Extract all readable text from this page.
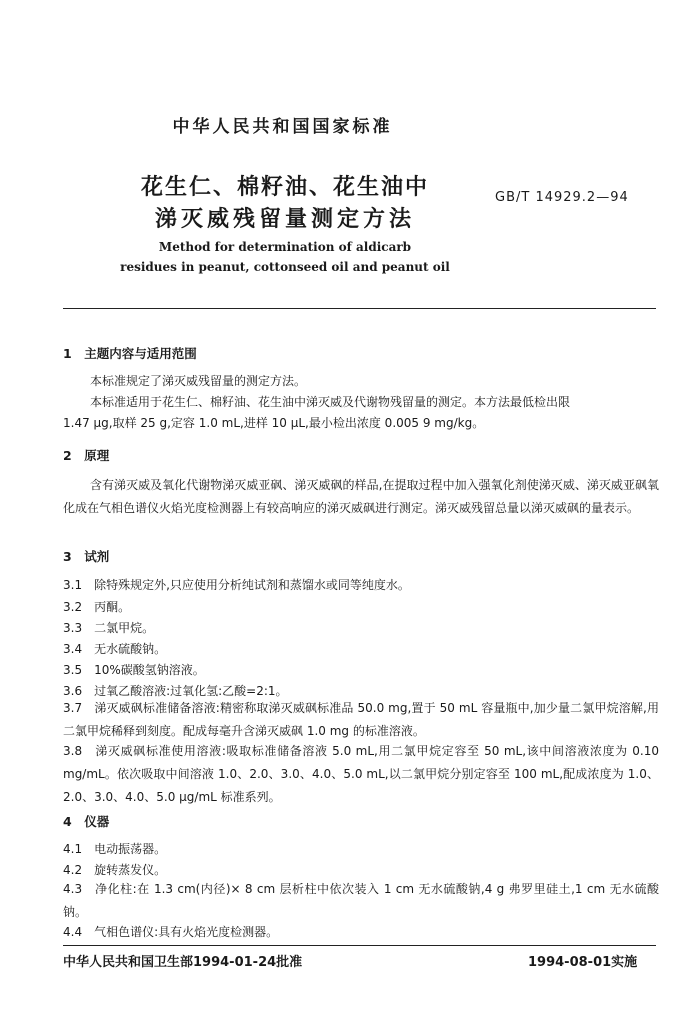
中华人民共和国国家标准
花生仁、棉籽油、花生油中
涕灭威残留量测定方法
GB/T 14929.2—94
Method for determination of aldicarb
residues in peanut, cottonseed oil and peanut oil
1　主题内容与适用范围
本标准规定了涕灭威残留量的测定方法。
本标准适用于花生仁、棉籽油、花生油中涕灭威及代谢物残留量的测定。本方法最低检出限
1.47 μg,取样 25 g,定容 1.0 mL,进样 10 μL,最小检出浓度 0.005 9 mg/kg。
2　原理
含有涕灭威及氧化代谢物涕灭威亚砜、涕灭威砜的样品,在提取过程中加入强氧化剂使涕灭威、涕灭威亚砜氧化成在气相色谱仪火焰光度检测器上有较高响应的涕灭威砜进行测定。涕灭威残留总量以涕灭威砜的量表示。
3　试剂
3.1　除特殊规定外,只应使用分析纯试剂和蒸馏水或同等纯度水。
3.2　丙酮。
3.3　二氯甲烷。
3.4　无水硫酸钠。
3.5　10%碳酸氢钠溶液。
3.6　过氧乙酸溶液:过氧化氢:乙酸=2:1。
3.7　涕灭威砜标准储备溶液:精密称取涕灭威砜标准品 50.0 mg,置于 50 mL 容量瓶中,加少量二氯甲烷溶解,用二氯甲烷稀释到刻度。配成每毫升含涕灭威砜 1.0 mg 的标准溶液。
3.8　涕灭威砜标准使用溶液:吸取标准储备溶液 5.0 mL,用二氯甲烷定容至 50 mL,该中间溶液浓度为 0.10 mg/mL。依次吸取中间溶液 1.0、2.0、3.0、4.0、5.0 mL,以二氯甲烷分别定容至 100 mL,配成浓度为 1.0、2.0、3.0、4.0、5.0 μg/mL 标准系列。
4　仪器
4.1　电动振荡器。
4.2　旋转蒸发仪。
4.3　净化柱:在 1.3 cm(内径)× 8 cm 层析柱中依次装入 1 cm 无水硫酸钠,4 g 弗罗里硅土,1 cm 无水硫酸钠。
4.4　气相色谱仪:具有火焰光度检测器。
中华人民共和国卫生部1994-01-24批准	1994-08-01实施
